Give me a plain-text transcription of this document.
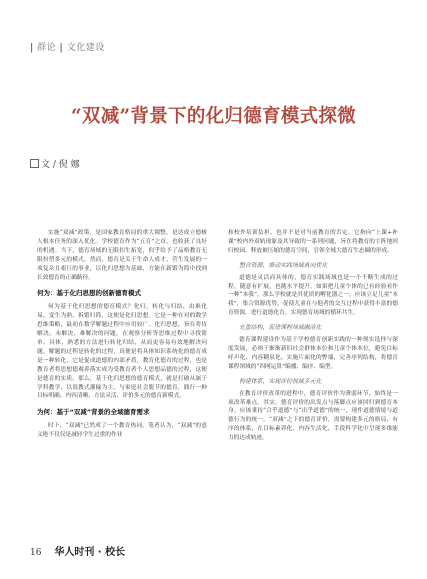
| 群论 | 文化建设
“双减”背景下的化归德育模式探微
文 / 倪 娜

实施“双减”政策，是国家教育格局的重大调整，是达成立德树人根本任务的深入优化。学校德育作为“五育”之首，也收获了良好的机遇。当下，德育场域的无限扣生拓宽，似乎给予了品格教育无限扮塑多元的模式。然而，德育是关于生命人成才、营生发展的一项复杂且艰巨的事业，以化归思想为基础，方能在新繁为简中找到长效德育的正确路径。

何为：基于化归思想的创新德育模式

何为基于化归思想的德育模式？化归，转化与归结，由难化易、变生为熟、拆繁归简，这便是化归思想。它是一种在对的数学思维策略，最初在数学解题过程中应用较广。化归思想，旨在将待解决、未解决、难解决的问题，在观察分析等思维过程中寻找简单、具体、熟悉的方法进行转化归结，从而更容易有效地解决问题。解题的过程是转化的过程，真便是将具体知识系统化的德育成是一种转化，它是促成道德的内部矛盾，教育化德育的过程，也是教育者将思想德观养落实成为受教育者个人思想品德的过程，这便是德育的实质。那么，基于化归思想的德育模式，就是打破从属于学科教学、以说教式灌输为主、与家庭社会脱节的德育，践行一种目标明确、内容清晰、方法灵活、评价多元的德育新模式。

为何：基于“双减”背景的全域德育需求

时下，“双减”已然成了一个教育热词。笔者认为，“双减”的意义绝不仅仅是减轻学生过重的作业

和校外培训负担，也并不是对当前教育的否定。它指向“上课+补课”校内外双轨现象及其导致的一系列问题，旨在将教育的主阵地回归校园，释放被压缩的德育空间，引领全域大德育生态圈的形成。

整合资源，推动实践场域真向优化

道德是灵活而具体的，德育实践场域也是一个不断生成的过程，随意有扩展，也随水平提升。如果把儿童个体的已有经验看作一种“本我”，那么学校就是其优质的孵化器之一，应该立足儿童“本我”，集合资源优势，促使儿童在与他者的交互过程中获得丰富的德育资源，进行道德化育，实现德育场域的循环共生。

充盈结构，促进课程场域融洽化

德育课程建设作为基于学校德育创新实践的一种现实选择与深度发展，必须于渐渐新旧社会群体本位和儿童个体本位，避免目标呼声化、内容糊泉化、实施片面化的弊端，完善序列结构，将德育课程领域的“四网运算”编播、编序、编型。

构建体系，实现评价视域多元化

在教育评价改革的进程中，德育评价作为薄弱环节，始终是一项改革难点。其实，德育评价的出发点与落脚点应该回归到德育本身。应该秉持“合乎道德”与“出乎道德”的统一，现作道德情境与道德行为的统一。“双减”之下的德育评价，需要构建多元的格局、有序的体系，在目标素养化、内容生活化、手段科学化中呈现多维能力的达成轨迹。

16 华人时刊 · 校长
